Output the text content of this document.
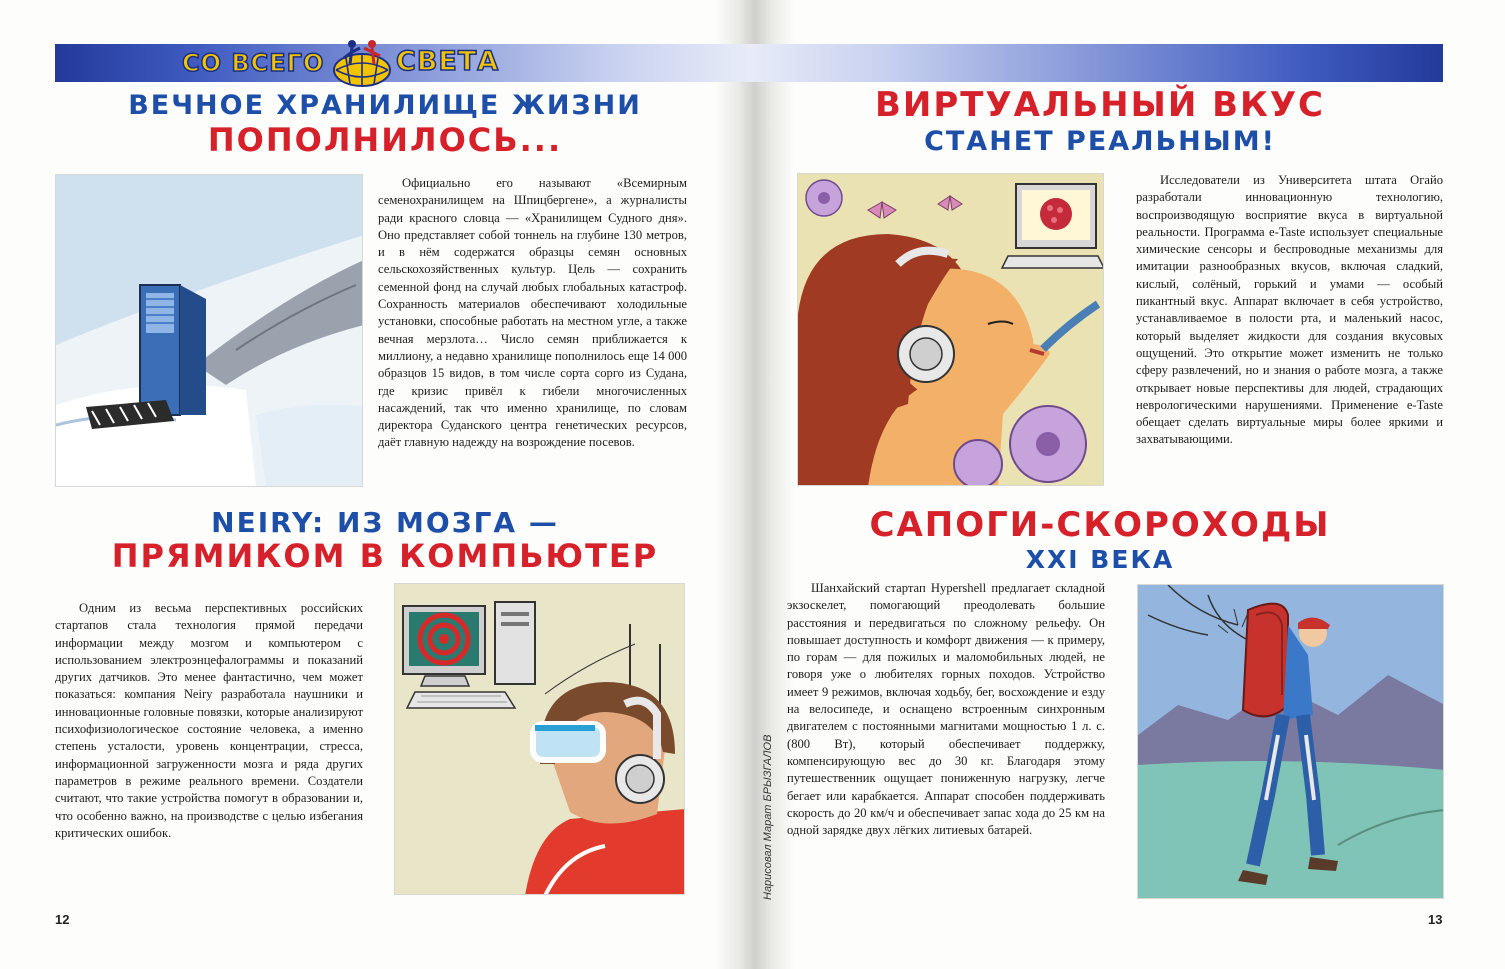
СО ВСЕГО	СВЕТА
ВЕЧНОЕ ХРАНИЛИЩЕ ЖИЗНИ
ПОПОЛНИЛОСЬ...

Официально его называют «Всемирным семенохранилищем на Шпицбергене», а журналисты ради красного словца — «Хранилищем Судного дня». Оно представляет собой тоннель на глубине 130 метров, и в нём содержатся образцы семян основных сельскохозяйственных культур. Цель — сохранить семенной фонд на случай любых глобальных катастроф. Сохранность материалов обеспечивают холодильные установки, способные работать на местном угле, а также вечная мерзлота… Число семян приближается к миллиону, а недавно хранилище пополнилось еще 14 000 образцов 15 видов, в том числе сорта сорго из Судана, где кризис привёл к гибели многочисленных насаждений, так что именно хранилище, по словам директора Суданского центра генетических ресурсов, даёт главную надежду на возрождение посевов.

NEIRY: ИЗ МОЗГА —
ПРЯМИКОМ В КОМПЬЮТЕР

Одним из весьма перспективных российских стартапов стала технология прямой передачи информации между мозгом и компьютером с использованием электроэнцефалограммы и показаний других датчиков. Это менее фантастично, чем может показаться: компания Neiry разработала наушники и инновационные головные повязки, которые анализируют психофизиологическое состояние человека, а именно степень усталости, уровень концентрации, стресса, информационной загруженности мозга и ряда других параметров в режиме реального времени. Создатели считают, что такие устройства помогут в образовании и, что особенно важно, на производстве с целью избегания критических ошибок.

12
Нарисовал Марат БРЫЗГАЛОВ
ВИРТУАЛЬНЫЙ ВКУС
СТАНЕТ РЕАЛЬНЫМ!

Исследователи из Университета штата Огайо разработали инновационную технологию, воспроизводящую восприятие вкуса в виртуальной реальности. Программа e-Taste использует специальные химические сенсоры и беспроводные механизмы для имитации разнообразных вкусов, включая сладкий, кислый, солёный, горький и умами — особый пикантный вкус. Аппарат включает в себя устройство, устанавливаемое в полости рта, и маленький насос, который выделяет жидкости для создания вкусовых ощущений. Это открытие может изменить не только сферу развлечений, но и знания о работе мозга, а также открывает новые перспективы для людей, страдающих неврологическими нарушениями. Применение e-Taste обещает сделать виртуальные миры более яркими и захватывающими.

САПОГИ-СКОРОХОДЫ
XXI ВЕКА

Шанхайский стартап Hypershell предлагает складной экзоскелет, помогающий преодолевать большие расстояния и передвигаться по сложному рельефу. Он повышает доступность и комфорт движения — к примеру, по горам — для пожилых и маломобильных людей, не говоря уже о любителях горных походов. Устройство имеет 9 режимов, включая ходьбу, бег, восхождение и езду на велосипеде, и оснащено встроенным синхронным двигателем с постоянными магнитами мощностью 1 л. с. (800 Вт), который обеспечивает поддержку, компенсирующую вес до 30 кг. Благодаря этому путешественник ощущает пониженную нагрузку, легче бегает или карабкается. Аппарат способен поддерживать скорость до 20 км/ч и обеспечивает запас хода до 25 км на одной зарядке двух лёгких литиевых батарей.

13
